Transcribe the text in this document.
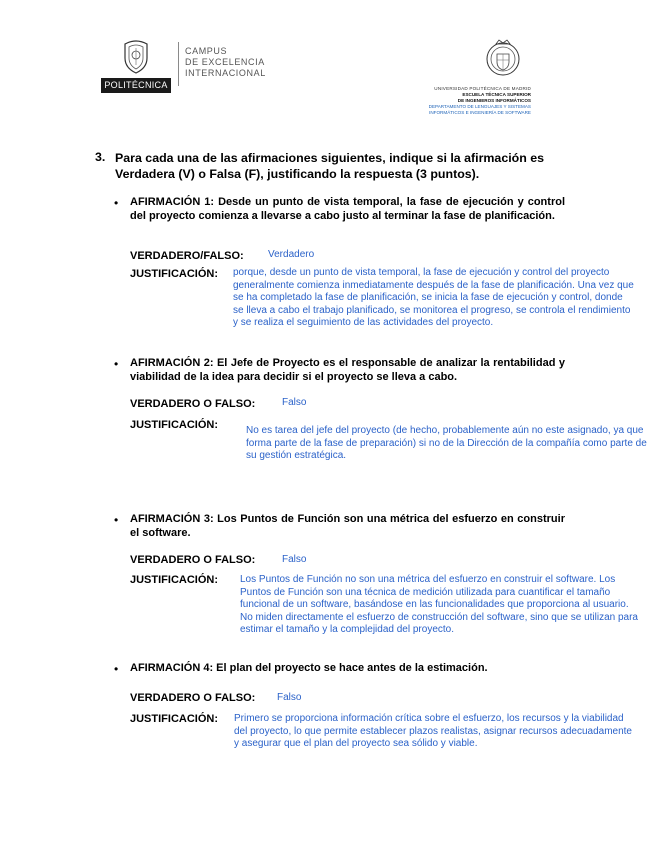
POLITÉCNICA
CAMPUS
DE EXCELENCIA
INTERNACIONAL
UNIVERSIDAD POLITÉCNICA DE MADRID
ESCUELA TÉCNICA SUPERIOR
DE INGENIEROS INFORMÁTICOS
DEPARTAMENTO DE LENGUAJES Y SISTEMAS
INFORMÁTICOS E INGENIERÍA DE SOFTWARE
3. Para cada una de las afirmaciones siguientes, indique si la afirmación es Verdadera (V) o Falsa (F), justificando la respuesta (3 puntos).
• AFIRMACIÓN 1: Desde un punto de vista temporal, la fase de ejecución y control del proyecto comienza a llevarse a cabo justo al terminar la fase de planificación.
VERDADERO/FALSO: Verdadero
JUSTIFICACIÓN: porque, desde un punto de vista temporal, la fase de ejecución y control del proyecto generalmente comienza inmediatamente después de la fase de planificación. Una vez que se ha completado la fase de planificación, se inicia la fase de ejecución y control, donde se lleva a cabo el trabajo planificado, se monitorea el progreso, se controla el rendimiento y se realiza el seguimiento de las actividades del proyecto.
• AFIRMACIÓN 2: El Jefe de Proyecto es el responsable de analizar la rentabilidad y viabilidad de la idea para decidir si el proyecto se lleva a cabo.
VERDADERO O FALSO:	Falso
JUSTIFICACIÓN:	No es tarea del jefe del proyecto (de hecho, probablemente aún no este asignado, ya que forma parte de la fase de preparación) si no de la Dirección de la compañía como parte de su gestión estratégica.
• AFIRMACIÓN 3: Los Puntos de Función son una métrica del esfuerzo en construir el software.
VERDADERO O FALSO:	Falso
JUSTIFICACIÓN: Los Puntos de Función no son una métrica del esfuerzo en construir el software. Los Puntos de Función son una técnica de medición utilizada para cuantificar el tamaño funcional de un software, basándose en las funcionalidades que proporciona al usuario. No miden directamente el esfuerzo de construcción del software, sino que se utilizan para estimar el tamaño y la complejidad del proyecto.
• AFIRMACIÓN 4: El plan del proyecto se hace antes de la estimación.
VERDADERO O FALSO: Falso
JUSTIFICACIÓN: Primero se proporciona información crítica sobre el esfuerzo, los recursos y la viabilidad del proyecto, lo que permite establecer plazos realistas, asignar recursos adecuadamente y asegurar que el plan del proyecto sea sólido y viable.
